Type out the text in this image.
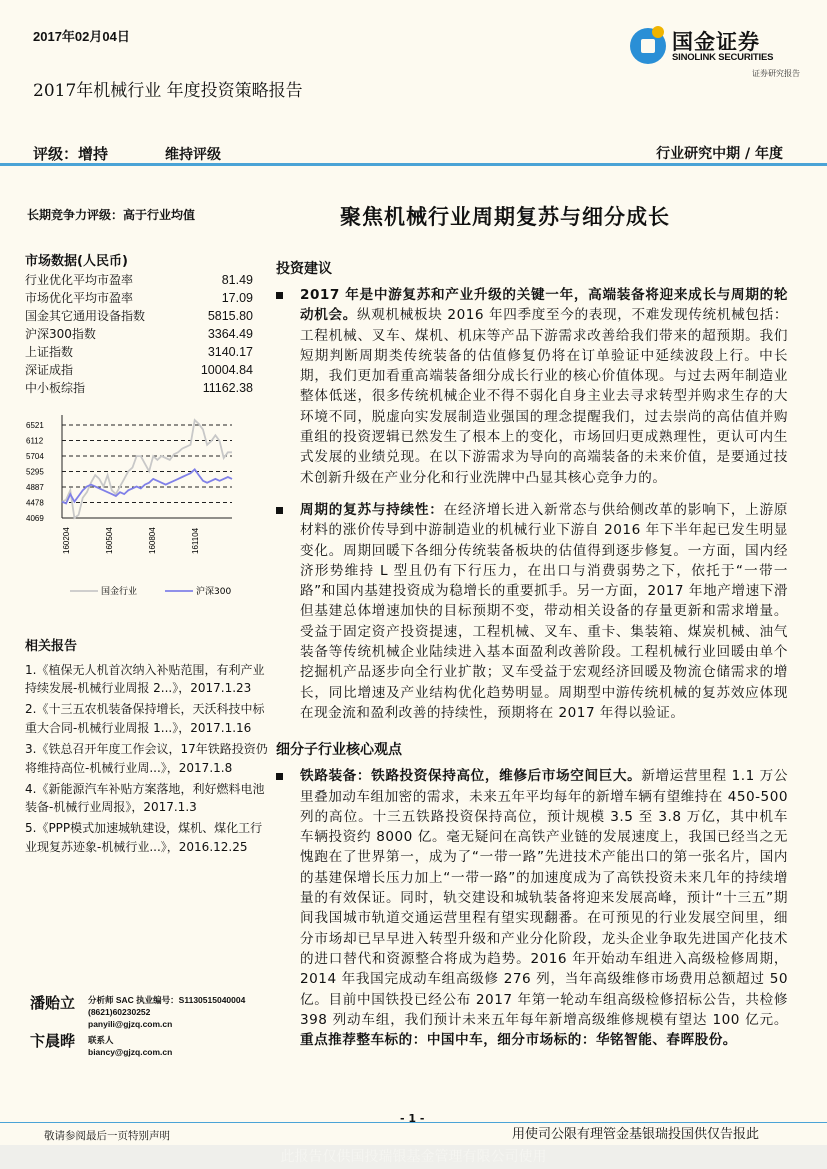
2017年02月04日	国金证券
SINOLINK SECURITIES
证券研究报告
2017年机械行业 年度投资策略报告
评级：增持	维持评级	行业研究中期 / 年度
长期竞争力评级：高于行业均值	聚焦机械行业周期复苏与细分成长
市场数据(人民币)
行业优化平均市盈率	81.49
市场优化平均市盈率	17.09
国金其它通用设备指数	5815.80
沪深300指数	3364.49
上证指数	3140.17
深证成指	10004.84
中小板综指	11162.38
6521
6112
5704
5295
4887
4478
4069
160204	160504	160804	161104
国金行业	沪深300
相关报告

1.《植保无人机首次纳入补贴范围，有利产业持续发展-机械行业周报 2...》，2017.1.23

2.《十三五农机装备保持增长，天沃科技中标重大合同-机械行业周报 1...》，2017.1.16

3.《铁总召开年度工作会议，17年铁路投资仍将维持高位-机械行业周...》，2017.1.8

4.《新能源汽车补贴方案落地，利好燃料电池装备-机械行业周报》，2017.1.3

5.《PPP模式加速城轨建设，煤机、煤化工行业现复苏迹象-机械行业...》，2016.12.25

潘贻立 分析师 SAC 执业编号：S1130515040004
(8621)60230252
panyili@gjzq.com.cn
卞晨晔 联系人
biancy@gjzq.com.cn
投资建议
2017 年是中游复苏和产业升级的关键一年，高端装备将迎来成长与周期的轮动机会。纵观机械板块 2016 年四季度至今的表现，不难发现传统机械包括：工程机械、叉车、煤机、机床等产品下游需求改善给我们带来的超预期。我们短期判断周期类传统装备的估值修复仍将在订单验证中延续波段上行。中长期，我们更加看重高端装备细分成长行业的核心价值体现。与过去两年制造业整体低迷，很多传统机械企业不得不弱化自身主业去寻求转型并购求生存的大环境不同，脱虚向实发展制造业强国的理念提醒我们，过去崇尚的高估值并购重组的投资逻辑已然发生了根本上的变化，市场回归更成熟理性，更认可内生式发展的业绩兑现。在以下游需求为导向的高端装备的未来价值，是要通过技术创新升级在产业分化和行业洗牌中凸显其核心竞争力的。
周期的复苏与持续性：在经济增长进入新常态与供给侧改革的影响下，上游原材料的涨价传导到中游制造业的机械行业下游自 2016 年下半年起已发生明显变化。周期回暖下各细分传统装备板块的估值得到逐步修复。一方面，国内经济形势维持 L 型且仍有下行压力，在出口与消费弱势之下，依托于“一带一路”和国内基建投资成为稳增长的重要抓手。另一方面，2017 年地产增速下滑但基建总体增速加快的目标预期不变，带动相关设备的存量更新和需求增量。受益于固定资产投资提速，工程机械、叉车、重卡、集装箱、煤炭机械、油气装备等传统机械企业陆续进入基本面盈利改善阶段。工程机械行业回暖由单个挖掘机产品逐步向全行业扩散；叉车受益于宏观经济回暖及物流仓储需求的增长，同比增速及产业结构优化趋势明显。周期型中游传统机械的复苏效应体现在现金流和盈利改善的持续性，预期将在 2017 年得以验证。
细分子行业核心观点
铁路装备：铁路投资保持高位，维修后市场空间巨大。新增运营里程 1.1 万公里叠加动车组加密的需求，未来五年平均每年的新增车辆有望维持在 450-500 列的高位。十三五铁路投资保持高位，预计规模 3.5 至 3.8 万亿，其中机车车辆投资约 8000 亿。毫无疑问在高铁产业链的发展速度上，我国已经当之无愧跑在了世界第一，成为了“一带一路”先进技术产能出口的第一张名片，国内的基建保增长压力加上“一带一路”的加速度成为了高铁投资未来几年的持续增量的有效保证。同时，轨交建设和城轨装备将迎来发展高峰，预计“十三五”期间我国城市轨道交通运营里程有望实现翻番。在可预见的行业发展空间里，细分市场却已早早进入转型升级和产业分化阶段，龙头企业争取先进国产化技术的进口替代和资源整合将成为趋势。2016 年开始动车组进入高级检修周期，2014 年我国完成动车组高级修 276 列，当年高级维修市场费用总额超过 50 亿。目前中国铁投已经公布 2017 年第一轮动车组高级检修招标公告，共检修 398 列动车组，我们预计未来五年每年新增高级维修规模有望达 100 亿元。重点推荐整车标的：中国中车，细分市场标的：华铭智能、春晖股份。
- 1 -
敬请参阅最后一页特别声明	用使司公限有理管金基银瑞投国供仅告报此
此报告仅供国投瑞银基金管理有限公司使用
